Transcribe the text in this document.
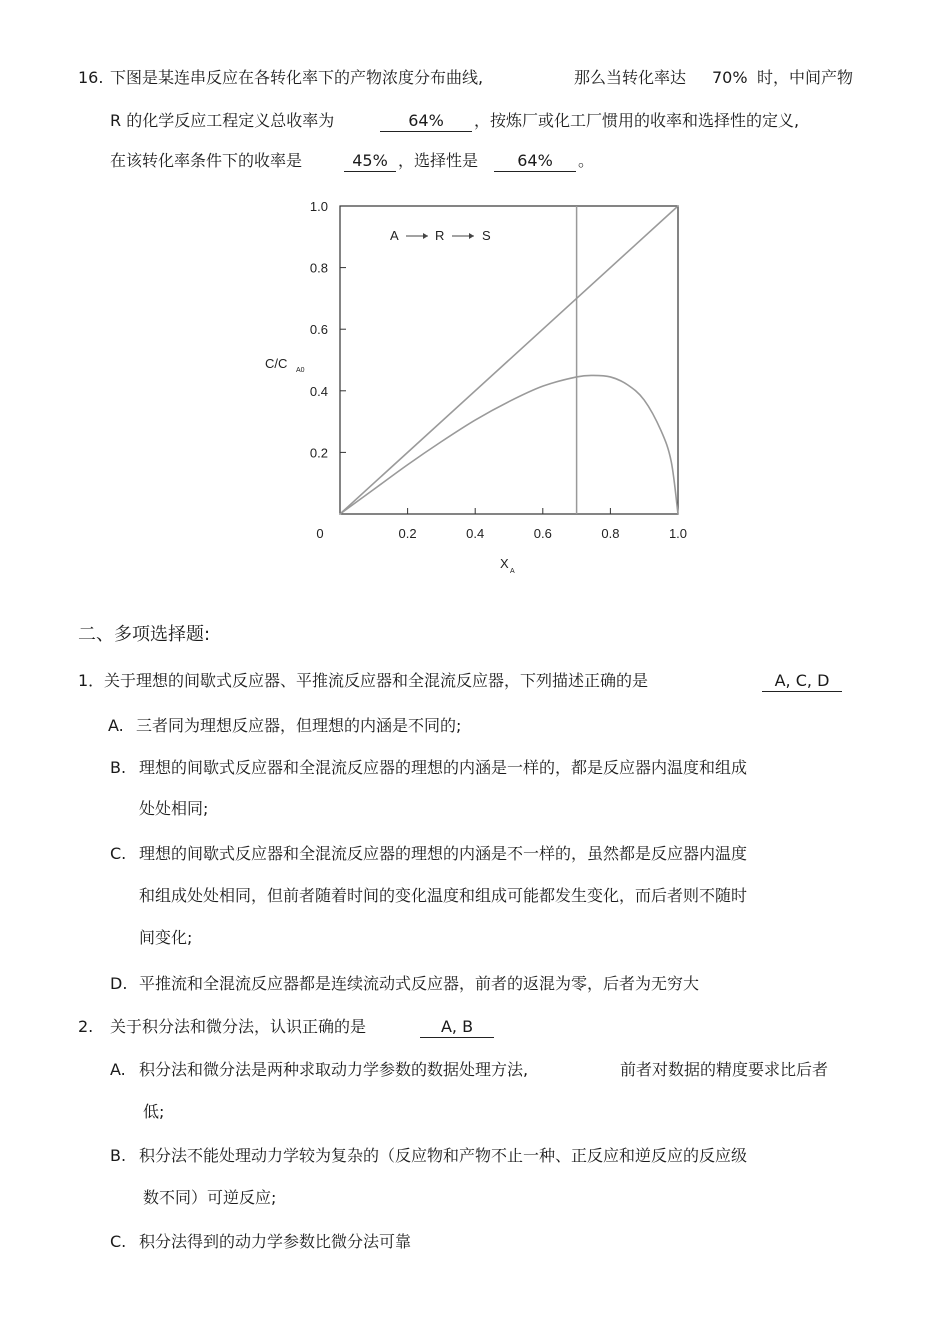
16. 下图是某连串反应在各转化率下的产物浓度分布曲线,	那么当转化率达 70% 时，中间产物
R 的化学反应工程定义总收率为	64%	，按炼厂或化工厂惯用的收率和选择性的定义,
在该转化率条件下的收率是	45% ，选择性是	64%	。
0	0.2	0.4	0.6	0.8	1.0
0.2
0.4
0.6
0.8
1.0
A	R	S
C/C A0
X
A
二、多项选择题:
1． 关于理想的间歇式反应器、平推流反应器和全混流反应器，下列描述正确的是	A, C, D
A. 三者同为理想反应器，但理想的内涵是不同的;
B. 理想的间歇式反应器和全混流反应器的理想的内涵是一样的，都是反应器内温度和组成
处处相同;
C. 理想的间歇式反应器和全混流反应器的理想的内涵是不一样的，虽然都是反应器内温度
和组成处处相同，但前者随着时间的变化温度和组成可能都发生变化，而后者则不随时
间变化;
D. 平推流和全混流反应器都是连续流动式反应器，前者的返混为零，后者为无穷大
2. 关于积分法和微分法，认识正确的是	A, B
A. 积分法和微分法是两种求取动力学参数的数据处理方法,	前者对数据的精度要求比后者
低;
B. 积分法不能处理动力学较为复杂的（反应物和产物不止一种、正反应和逆反应的反应级
数不同）可逆反应;
C. 积分法得到的动力学参数比微分法可靠
